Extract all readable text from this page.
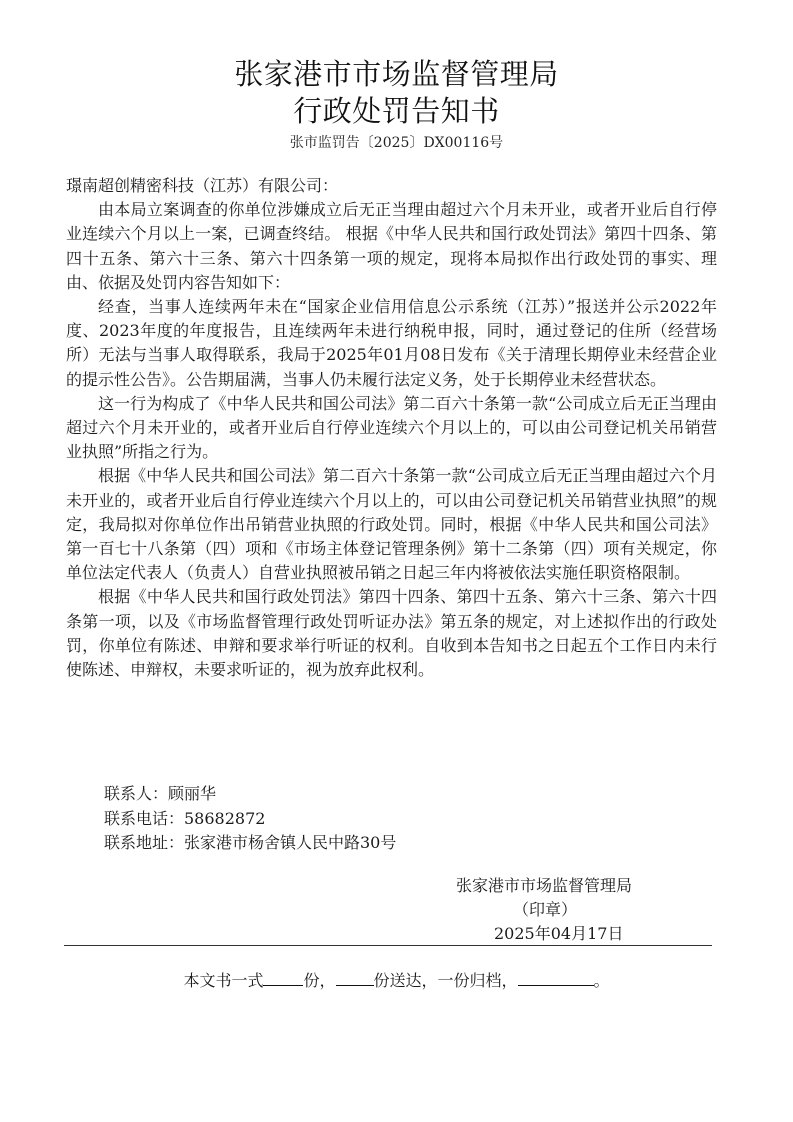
张家港市市场监督管理局
行政处罚告知书
张市监罚告〔2025〕DX00116号

璟南超创精密科技（江苏）有限公司：

由本局立案调查的你单位涉嫌成立后无正当理由超过六个月未开业，或者开业后自行停业连续六个月以上一案，已调查终结。 根据《中华人民共和国行政处罚法》第四十四条、第四十五条、第六十三条、第六十四条第一项的规定，现将本局拟作出行政处罚的事实、理由、依据及处罚内容告知如下：

经查，当事人连续两年未在“国家企业信用信息公示系统（江苏）”报送并公示2022年度、2023年度的年度报告，且连续两年未进行纳税申报，同时，通过登记的住所（经营场所）无法与当事人取得联系，我局于2025年01月08日发布《关于清理长期停业未经营企业的提示性公告》。公告期届满，当事人仍未履行法定义务，处于长期停业未经营状态。

这一行为构成了《中华人民共和国公司法》第二百六十条第一款“公司成立后无正当理由超过六个月未开业的，或者开业后自行停业连续六个月以上的，可以由公司登记机关吊销营业执照”所指之行为。

根据《中华人民共和国公司法》第二百六十条第一款“公司成立后无正当理由超过六个月未开业的，或者开业后自行停业连续六个月以上的，可以由公司登记机关吊销营业执照”的规定，我局拟对你单位作出吊销营业执照的行政处罚。同时，根据《中华人民共和国公司法》第一百七十八条第（四）项和《市场主体登记管理条例》第十二条第（四）项有关规定，你单位法定代表人（负责人）自营业执照被吊销之日起三年内将被依法实施任职资格限制。

根据《中华人民共和国行政处罚法》第四十四条、第四十五条、第六十三条、第六十四条第一项，以及《市场监督管理行政处罚听证办法》第五条的规定，对上述拟作出的行政处罚，你单位有陈述、申辩和要求举行听证的权利。自收到本告知书之日起五个工作日内未行使陈述、申辩权，未要求听证的，视为放弃此权利。

联系人：顾丽华
联系电话：58682872
联系地址：张家港市杨舍镇人民中路30号
张家港市市场监督管理局
（印章）
2025年04月17日
本文书一式	份， 份送达，一份归档，	。
